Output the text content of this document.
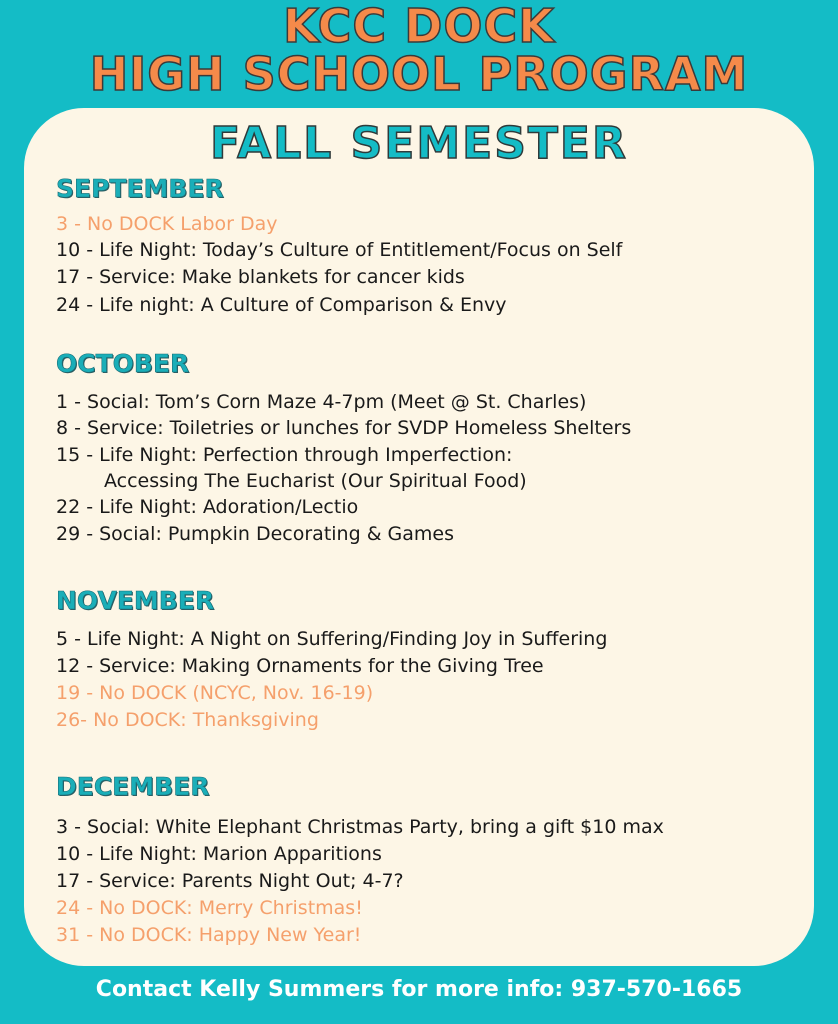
KCC DOCK
HIGH SCHOOL PROGRAM
FALL SEMESTER
SEPTEMBER
3 - No DOCK Labor Day
10 - Life Night: Today’s Culture of Entitlement/Focus on Self
17 - Service: Make blankets for cancer kids
24 - Life night: A Culture of Comparison & Envy
OCTOBER
1 - Social: Tom’s Corn Maze 4-7pm (Meet @ St. Charles)
8 - Service: Toiletries or lunches for SVDP Homeless Shelters
15 - Life Night: Perfection through Imperfection:
Accessing The Eucharist (Our Spiritual Food)
22 - Life Night: Adoration/Lectio
29 - Social: Pumpkin Decorating & Games
NOVEMBER
5 - Life Night: A Night on Suffering/Finding Joy in Suffering
12 - Service: Making Ornaments for the Giving Tree
19 - No DOCK (NCYC, Nov. 16-19)
26- No DOCK: Thanksgiving
DECEMBER
3 - Social: White Elephant Christmas Party, bring a gift $10 max
10 - Life Night: Marion Apparitions
17 - Service: Parents Night Out; 4-7?
24 - No DOCK: Merry Christmas!
31 - No DOCK: Happy New Year!
Contact Kelly Summers for more info: 937-570-1665
